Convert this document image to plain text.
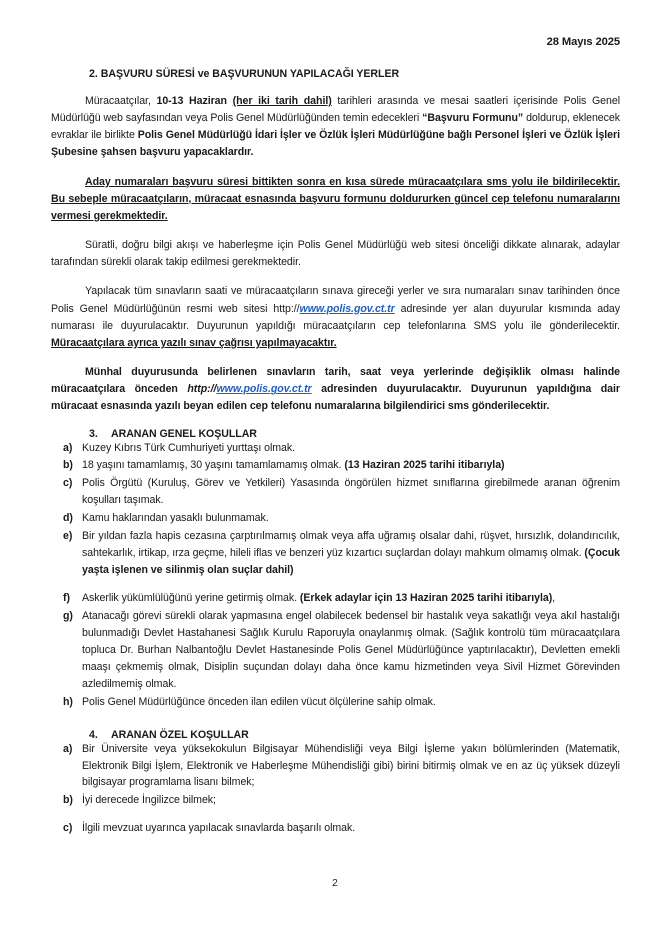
28 Mayıs 2025
2. BAŞVURU SÜRESİ ve BAŞVURUNUN YAPILACAĞI YERLER

Müracaatçılar, 10-13 Haziran (her iki tarih dahil) tarihleri arasında ve mesai saatleri içerisinde Polis Genel Müdürlüğü web sayfasından veya Polis Genel Müdürlüğünden temin edecekleri “Başvuru Formunu” doldurup, eklenecek evraklar ile birlikte Polis Genel Müdürlüğü İdari İşler ve Özlük İşleri Müdürlüğüne bağlı Personel İşleri ve Özlük İşleri Şubesine şahsen başvuru yapacaklardır.

Aday numaraları başvuru süresi bittikten sonra en kısa sürede müracaatçılara sms yolu ile bildirilecektir. Bu sebeple müracaatçıların, müracaat esnasında başvuru formunu doldururken güncel cep telefonu numaralarını vermesi gerekmektedir.

Süratli, doğru bilgi akışı ve haberleşme için Polis Genel Müdürlüğü web sitesi önceliği dikkate alınarak, adaylar tarafından sürekli olarak takip edilmesi gerekmektedir.

Yapılacak tüm sınavların saati ve müracaatçıların sınava gireceği yerler ve sıra numaraları sınav tarihinden önce Polis Genel Müdürlüğünün resmi web sitesi http://www.polis.gov.ct.tr adresinde yer alan duyurular kısmında aday numarası ile duyurulacaktır. Duyurunun yapıldığı müracaatçıların cep telefonlarına SMS yolu ile gönderilecektir. Müracaatçılara ayrıca yazılı sınav çağrısı yapılmayacaktır.

Münhal duyurusunda belirlenen sınavların tarih, saat veya yerlerinde değişiklik olması halinde müracaatçılara önceden http://www.polis.gov.ct.tr adresinden duyurulacaktır. Duyurunun yapıldığına dair müracaat esnasında yazılı beyan edilen cep telefonu numaralarına bilgilendirici sms gönderilecektir.

3.	ARANAN GENEL KOŞULLAR
a) Kuzey Kıbrıs Türk Cumhuriyeti yurttaşı olmak.
b) 18 yaşını tamamlamış, 30 yaşını tamamlamamış olmak. (13 Haziran 2025 tarihi itibarıyla)
c) Polis Örgütü (Kuruluş, Görev ve Yetkileri) Yasasında öngörülen hizmet sınıflarına girebilmede aranan öğrenim koşulları taşımak.
d) Kamu haklarından yasaklı bulunmamak.
e) Bir yıldan fazla hapis cezasına çarptırılmamış olmak veya affa uğramış olsalar dahi, rüşvet, hırsızlık, dolandırıcılık, sahtekarlık, irtikap, ırza geçme, hileli iflas ve benzeri yüz kızartıcı suçlardan dolayı mahkum olmamış olmak. (Çocuk yaşta işlenen ve silinmiş olan suçlar dahil)
f)	Askerlik yükümlülüğünü yerine getirmiş olmak. (Erkek adaylar için 13 Haziran 2025 tarihi itibarıyla),
g) Atanacağı görevi sürekli olarak yapmasına engel olabilecek bedensel bir hastalık veya sakatlığı veya akıl hastalığı bulunmadığı Devlet Hastahanesi Sağlık Kurulu Raporuyla onaylanmış olmak. (Sağlık kontrolü tüm müracaatçılara topluca Dr. Burhan Nalbantoğlu Devlet Hastanesinde Polis Genel Müdürlüğünce yaptırılacaktır), Devletten emekli maaşı çekmemiş olmak, Disiplin suçundan dolayı daha önce kamu hizmetinden veya Sivil Hizmet Görevinden azledilmemiş olmak.
h) Polis Genel Müdürlüğünce önceden ilan edilen vücut ölçülerine sahip olmak.
4.	ARANAN ÖZEL KOŞULLAR
a) Bir Üniversite veya yüksekokulun Bilgisayar Mühendisliği veya Bilgi İşleme yakın bölümlerinden (Matematik, Elektronik Bilgi İşlem, Elektronik ve Haberleşme Mühendisliği gibi) birini bitirmiş olmak ve en az üç yüksek düzeyli bilgisayar programlama lisanı bilmek;
b) İyi derecede İngilizce bilmek;
c) İlgili mevzuat uyarınca yapılacak sınavlarda başarılı olmak.
2
